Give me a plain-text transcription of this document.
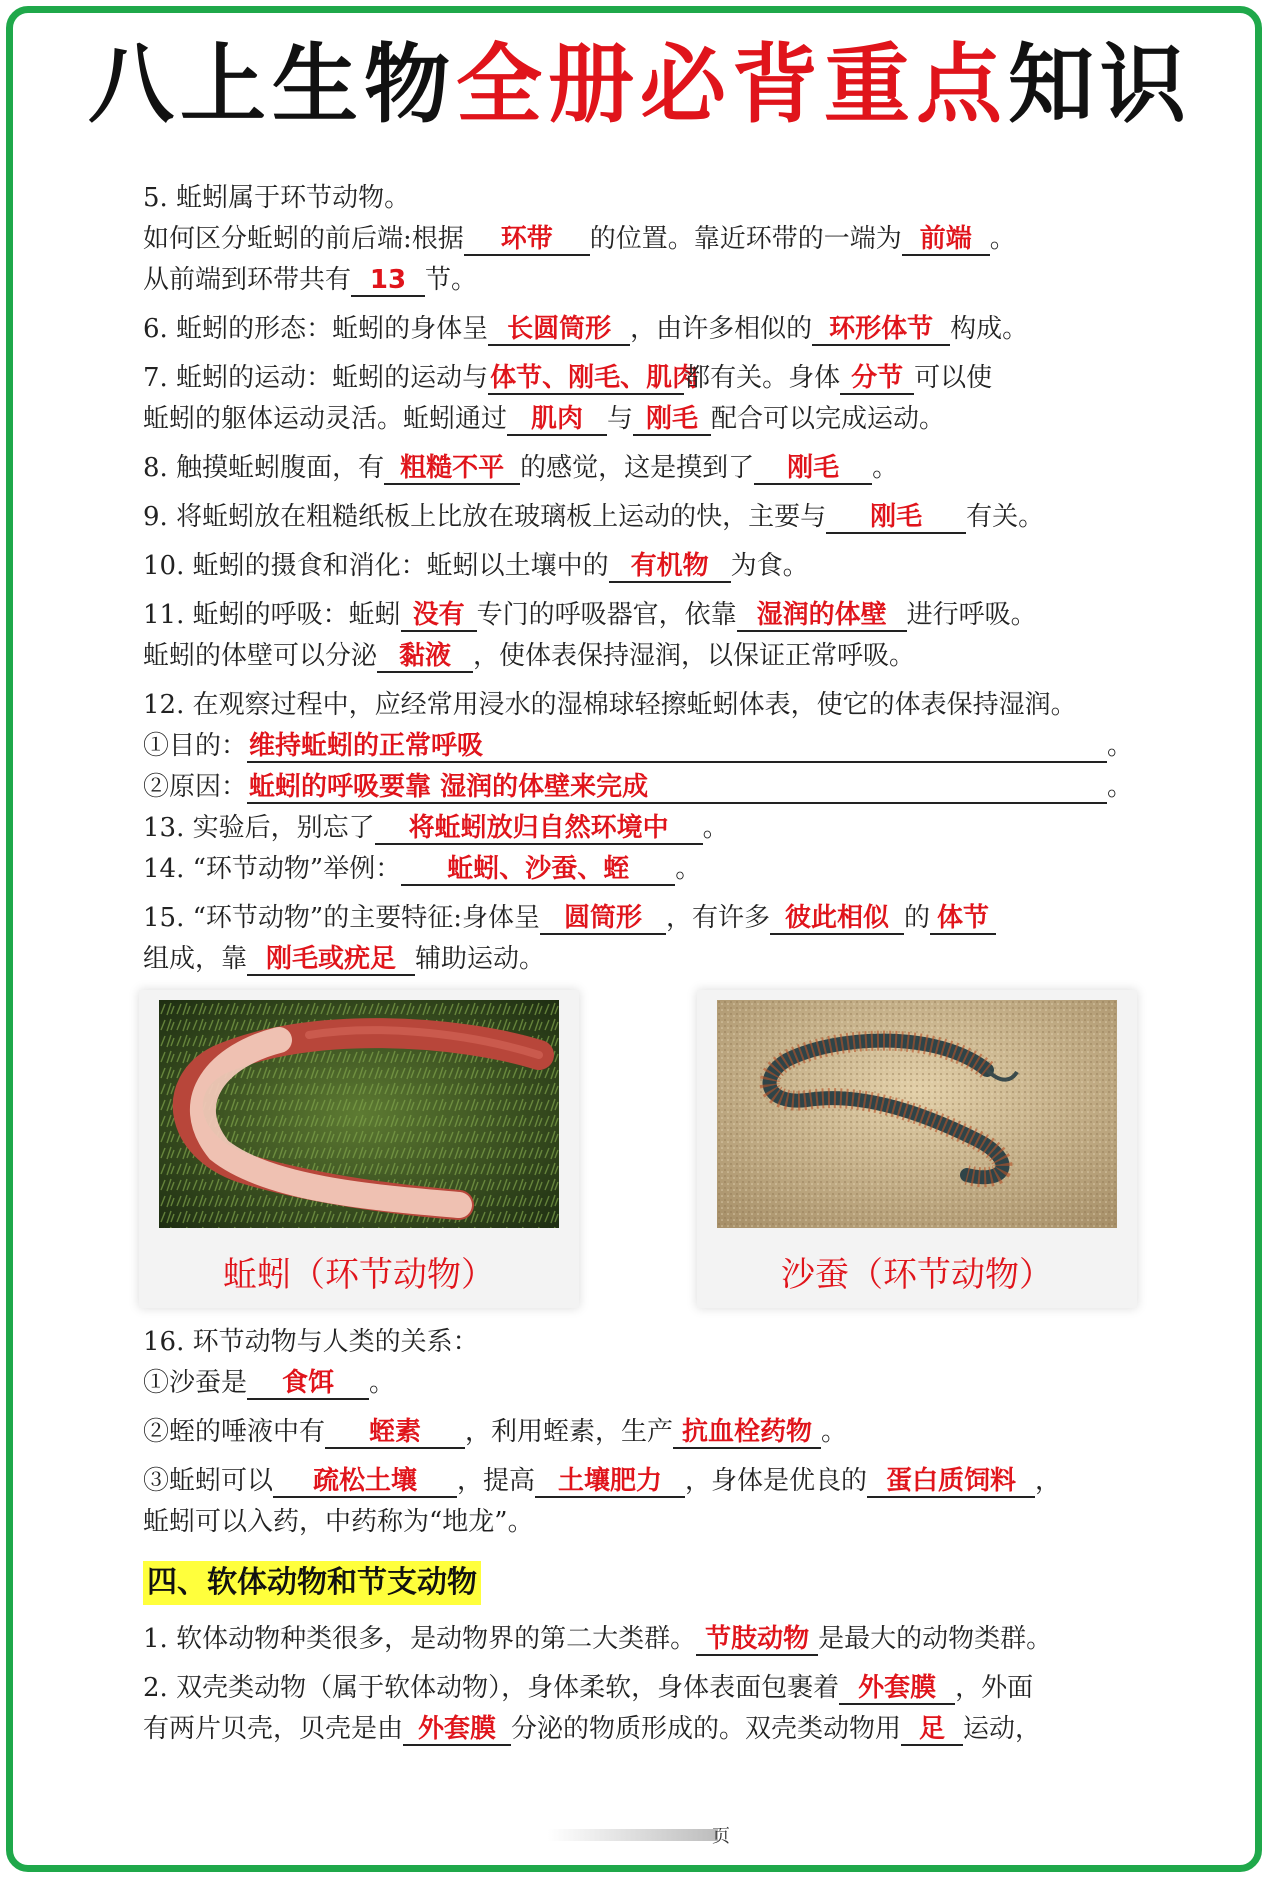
八上生物全册必背重点知识

5. 蚯蚓属于环节动物。

如何区分蚯蚓的前后端:根据 环带 的位置。靠近环带的一端为 前端 。

从前端到环带共有 13 节。

6. 蚯蚓的形态：蚯蚓的身体呈 长圆筒形 ，由许多相似的 环形体节 构成。

7. 蚯蚓的运动：蚯蚓的运动与体节、刚毛、肌肉都有关。身体 分节 可以使

蚯蚓的躯体运动灵活。蚯蚓通过 肌肉 与 刚毛 配合可以完成运动。

8. 触摸蚯蚓腹面，有 粗糙不平 的感觉，这是摸到了 刚毛 。

9. 将蚯蚓放在粗糙纸板上比放在玻璃板上运动的快，主要与 刚毛 有关。

10. 蚯蚓的摄食和消化：蚯蚓以土壤中的 有机物 为食。

11. 蚯蚓的呼吸：蚯蚓 没有 专门的呼吸器官，依靠 湿润的体壁 进行呼吸。

蚯蚓的体壁可以分泌 黏液 ，使体表保持湿润，以保证正常呼吸。

12. 在观察过程中，应经常用浸水的湿棉球轻擦蚯蚓体表，使它的体表保持湿润。

①目的：维持蚯蚓的正常呼吸	。

②原因：蚯蚓的呼吸要靠 湿润的体壁来完成	。

13. 实验后，别忘了 将蚯蚓放归自然环境中 。

14. “环节动物”举例： 蚯蚓、沙蚕、蛭 。

15. “环节动物”的主要特征:身体呈 圆筒形 ，有许多 彼此相似 的 体节

组成，靠 刚毛或疣足 辅助运动。

蚯蚓（环节动物）	沙蚕（环节动物）

16. 环节动物与人类的关系：

①沙蚕是 食饵 。

②蛭的唾液中有 蛭素 ，利用蛭素，生产 抗血栓药物 。

③蚯蚓可以 疏松土壤 ，提高 土壤肥力 ，身体是优良的 蛋白质饲料 ，

蚯蚓可以入药，中药称为“地龙”。

四、软体动物和节支动物

1. 软体动物种类很多，是动物界的第二大类群。 节肢动物 是最大的动物类群。

2. 双壳类动物（属于软体动物），身体柔软，身体表面包裹着 外套膜 ，外面

有两片贝壳，贝壳是由 外套膜 分泌的物质形成的。双壳类动物用 足 运动，

页
